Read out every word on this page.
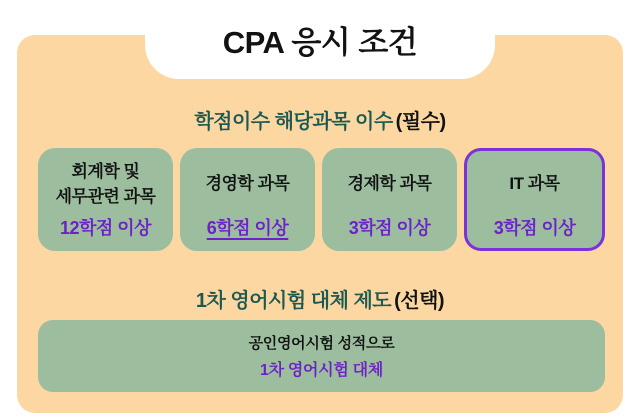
학점이수 해당과목 이수 (필수)
회계학 및
세무관련 과목
12학점 이상
경영학 과목
6학점 이상
경제학 과목
3학점 이상
IT 과목
3학점 이상
1차 영어시험 대체 제도 (선택)
공인영어시험 성적으로
1차 영어시험 대체
CPA 응시 조건
